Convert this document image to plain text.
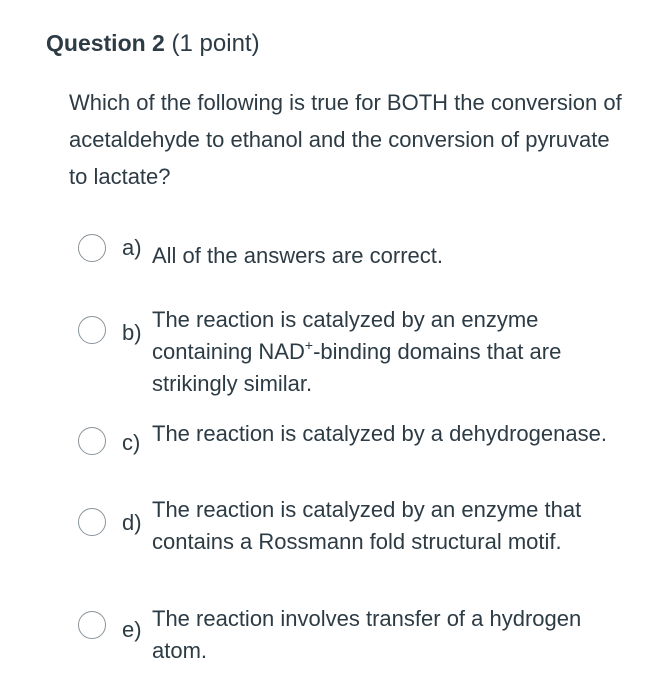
Question 2 (1 point)
Which of the following is true for BOTH the conversion of acetaldehyde to ethanol and the conversion of pyruvate to lactate?
a) All of the answers are correct.
b)
The reaction is catalyzed by an enzyme containing NAD+-binding domains that are strikingly similar.
c) The reaction is catalyzed by a dehydrogenase.
d)
The reaction is catalyzed by an enzyme that contains a Rossmann fold structural motif.
e) The reaction involves transfer of a hydrogen atom.
